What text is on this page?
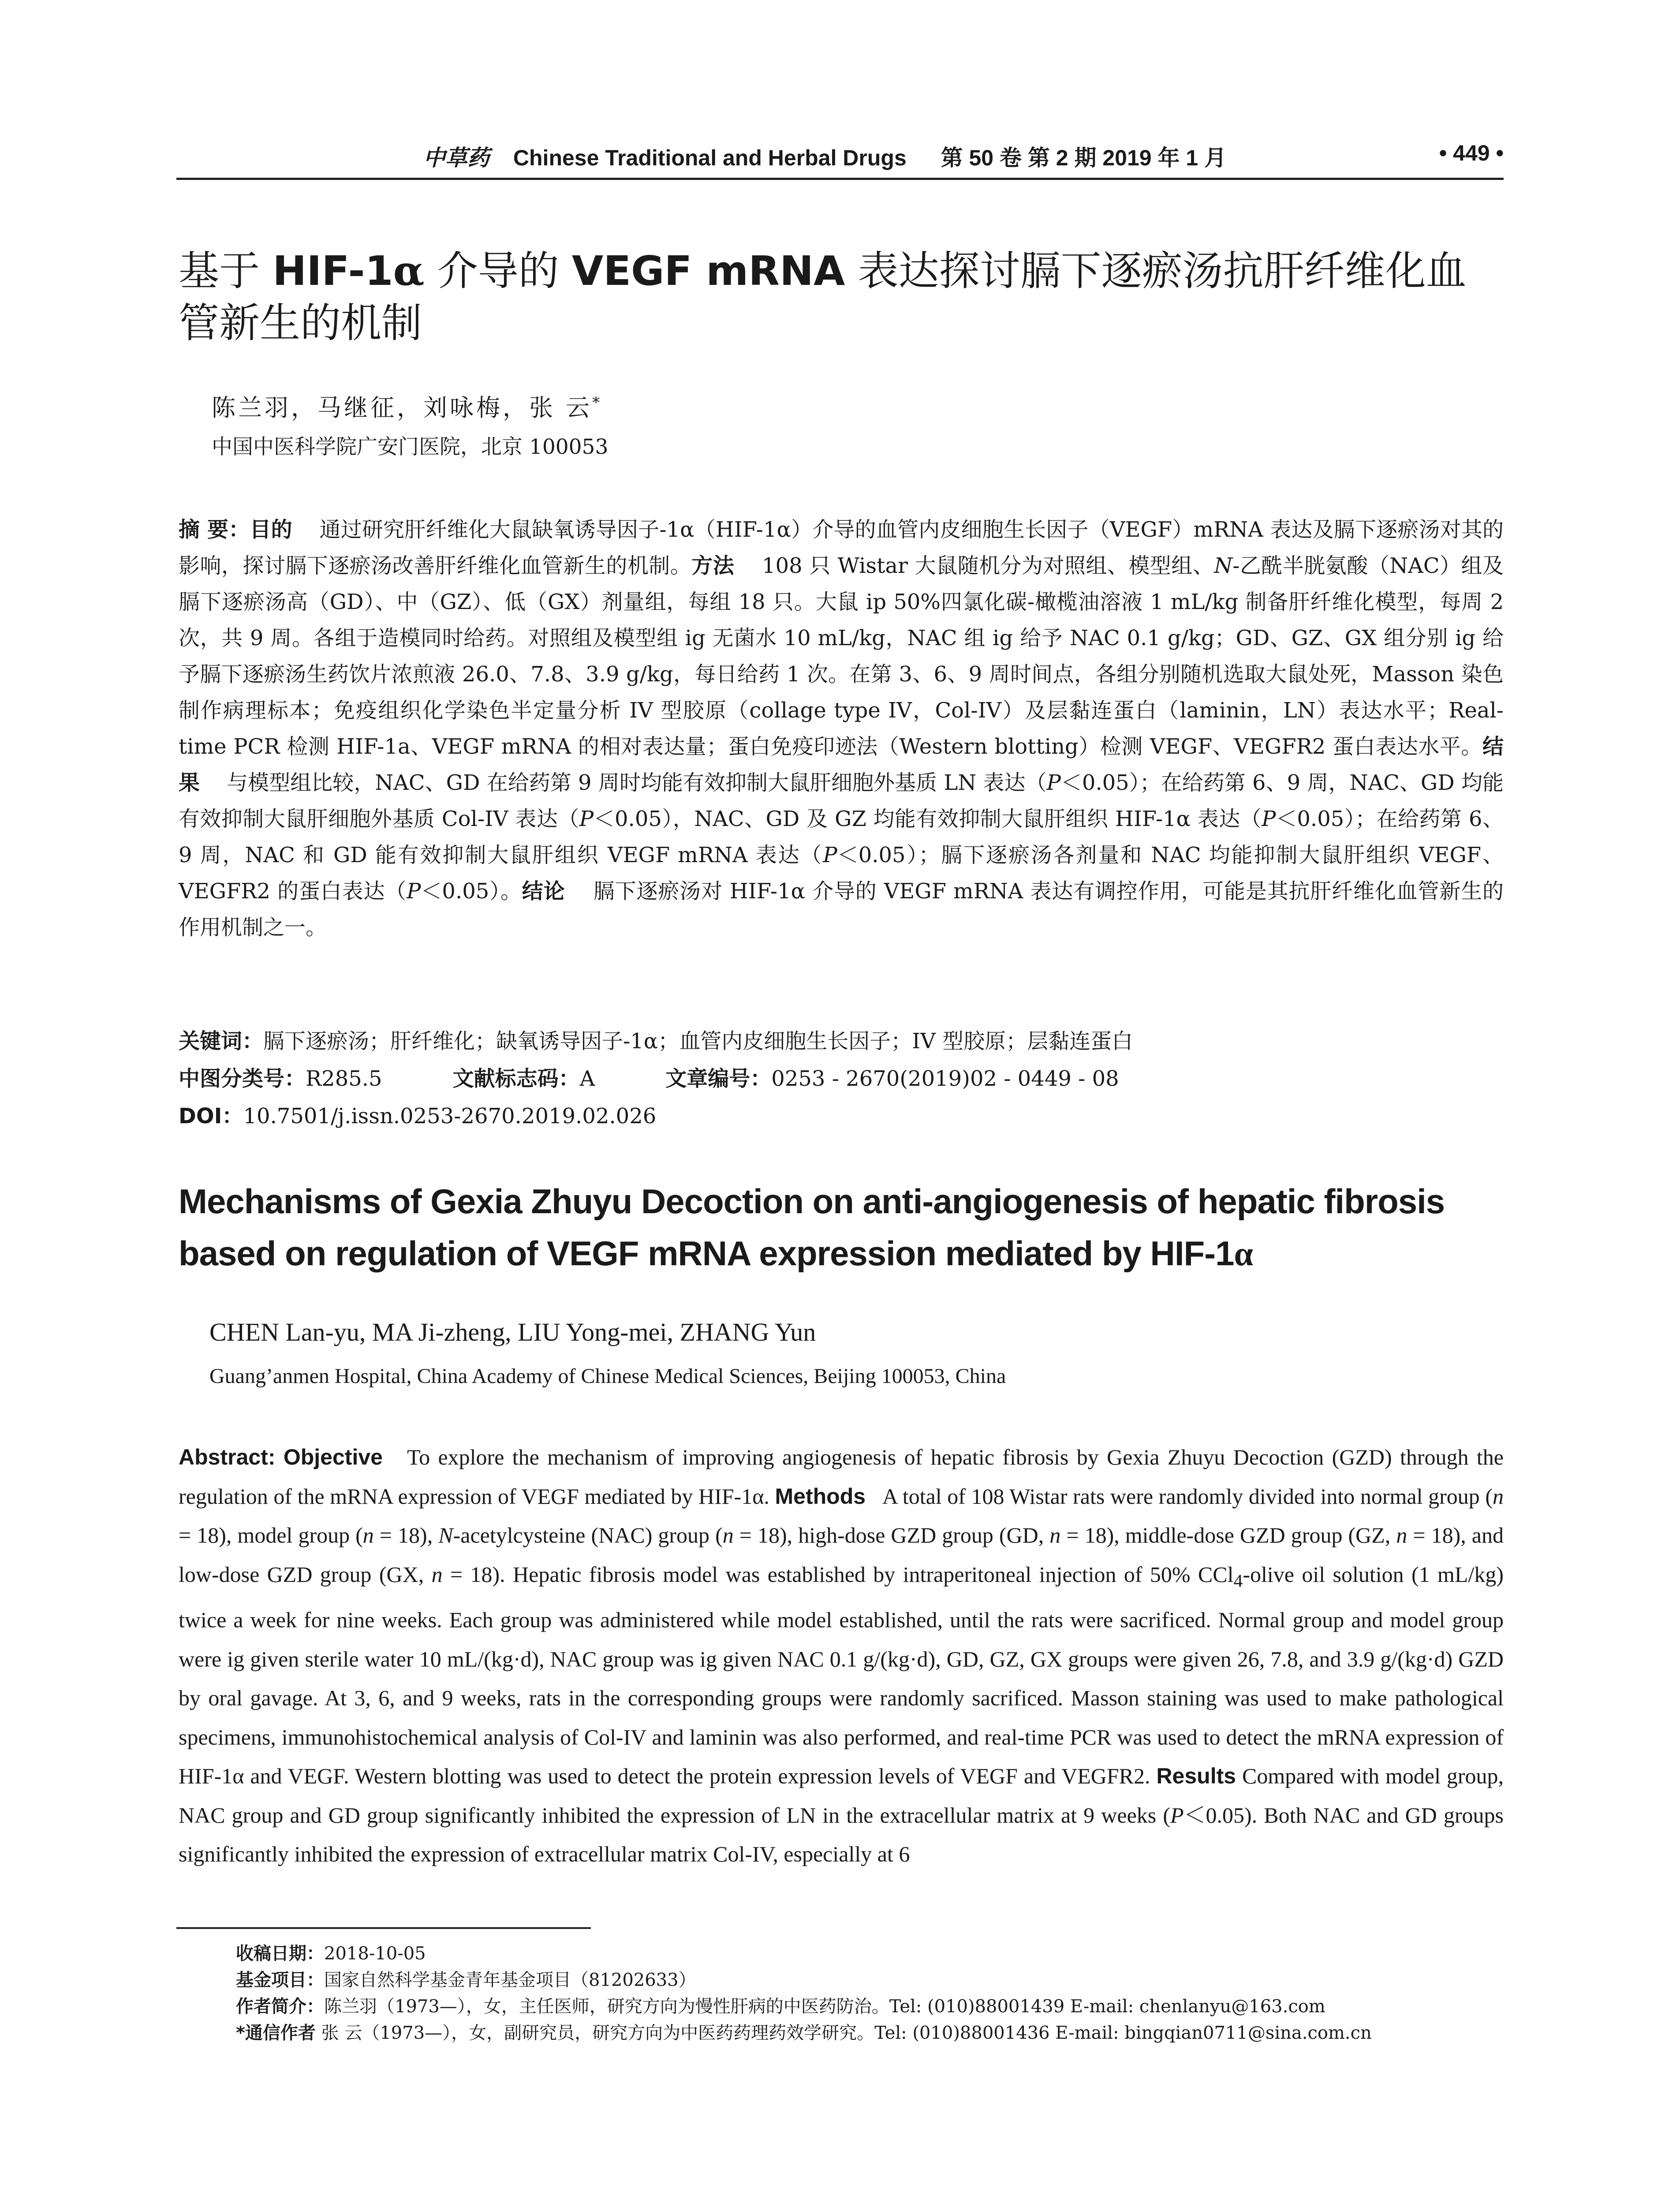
中草药 Chinese Traditional and Herbal Drugs 第 50 卷 第 2 期 2019 年 1 月	• 449 •
基于 HIF-1α 介导的 VEGF mRNA 表达探讨膈下逐瘀汤抗肝纤维化血管新生的机制
陈兰羽，马继征，刘咏梅，张 云*
中国中医科学院广安门医院，北京 100053
摘 要：目的 通过研究肝纤维化大鼠缺氧诱导因子-1α（HIF-1α）介导的血管内皮细胞生长因子（VEGF）mRNA 表达及膈下逐瘀汤对其的影响，探讨膈下逐瘀汤改善肝纤维化血管新生的机制。方法 108 只 Wistar 大鼠随机分为对照组、模型组、N-乙酰半胱氨酸（NAC）组及膈下逐瘀汤高（GD）、中（GZ）、低（GX）剂量组，每组 18 只。大鼠 ip 50%四氯化碳-橄榄油溶液 1 mL/kg 制备肝纤维化模型，每周 2 次，共 9 周。各组于造模同时给药。对照组及模型组 ig 无菌水 10 mL/kg，NAC 组 ig 给予 NAC 0.1 g/kg；GD、GZ、GX 组分别 ig 给予膈下逐瘀汤生药饮片浓煎液 26.0、7.8、3.9 g/kg，每日给药 1 次。在第 3、6、9 周时间点，各组分别随机选取大鼠处死，Masson 染色制作病理标本；免疫组织化学染色半定量分析 IV 型胶原（collage type IV，Col-IV）及层黏连蛋白（laminin，LN）表达水平；Real-time PCR 检测 HIF-1a、VEGF mRNA 的相对表达量；蛋白免疫印迹法（Western blotting）检测 VEGF、VEGFR2 蛋白表达水平。结果 与模型组比较，NAC、GD 在给药第 9 周时均能有效抑制大鼠肝细胞外基质 LN 表达（P＜0.05）；在给药第 6、9 周，NAC、GD 均能有效抑制大鼠肝细胞外基质 Col-IV 表达（P＜0.05），NAC、GD 及 GZ 均能有效抑制大鼠肝组织 HIF-1α 表达（P＜0.05）；在给药第 6、9 周，NAC 和 GD 能有效抑制大鼠肝组织 VEGF mRNA 表达（P＜0.05）；膈下逐瘀汤各剂量和 NAC 均能抑制大鼠肝组织 VEGF、VEGFR2 的蛋白表达（P＜0.05）。结论 膈下逐瘀汤对 HIF-1α 介导的 VEGF mRNA 表达有调控作用，可能是其抗肝纤维化血管新生的作用机制之一。
关键词：膈下逐瘀汤；肝纤维化；缺氧诱导因子-1α；血管内皮细胞生长因子；IV 型胶原；层黏连蛋白
中图分类号：R285.5	文献标志码：A	文章编号：0253 - 2670(2019)02 - 0449 - 08
DOI：10.7501/j.issn.0253-2670.2019.02.026
Mechanisms of Gexia Zhuyu Decoction on anti-angiogenesis of hepatic fibrosis based on regulation of VEGF mRNA expression mediated by HIF-1α
CHEN Lan-yu, MA Ji-zheng, LIU Yong-mei, ZHANG Yun
Guang’anmen Hospital, China Academy of Chinese Medical Sciences, Beijing 100053, China
Abstract: Objective To explore the mechanism of improving angiogenesis of hepatic fibrosis by Gexia Zhuyu Decoction (GZD) through the regulation of the mRNA expression of VEGF mediated by HIF-1α. Methods A total of 108 Wistar rats were randomly divided into normal group (n = 18), model group (n = 18), N-acetylcysteine (NAC) group (n = 18), high-dose GZD group (GD, n = 18), middle-dose GZD group (GZ, n = 18), and low-dose GZD group (GX, n = 18). Hepatic fibrosis model was established by intraperitoneal injection of 50% CCl$_4$-olive oil solution (1 mL/kg) twice a week for nine weeks. Each group was administered while model established, until the rats were sacrificed. Normal group and model group were ig given sterile water 10 mL/(kg·d), NAC group was ig given NAC 0.1 g/(kg·d), GD, GZ, GX groups were given 26, 7.8, and 3.9 g/(kg·d) GZD by oral gavage. At 3, 6, and 9 weeks, rats in the corresponding groups were randomly sacrificed. Masson staining was used to make pathological specimens, immunohistochemical analysis of Col-IV and laminin was also performed, and real-time PCR was used to detect the mRNA expression of HIF-1α and VEGF. Western blotting was used to detect the protein expression levels of VEGF and VEGFR2. Results Compared with model group, NAC group and GD group significantly inhibited the expression of LN in the extracellular matrix at 9 weeks (P＜0.05). Both NAC and GD groups significantly inhibited the expression of extracellular matrix Col-IV, especially at 6
收稿日期：2018-10-05
基金项目：国家自然科学基金青年基金项目（81202633）
作者简介：陈兰羽（1973—），女，主任医师，研究方向为慢性肝病的中医药防治。Tel: (010)88001439 E-mail: chenlanyu@163.com
*通信作者 张 云（1973—），女，副研究员，研究方向为中医药药理药效学研究。Tel: (010)88001436 E-mail: bingqian0711@sina.com.cn
